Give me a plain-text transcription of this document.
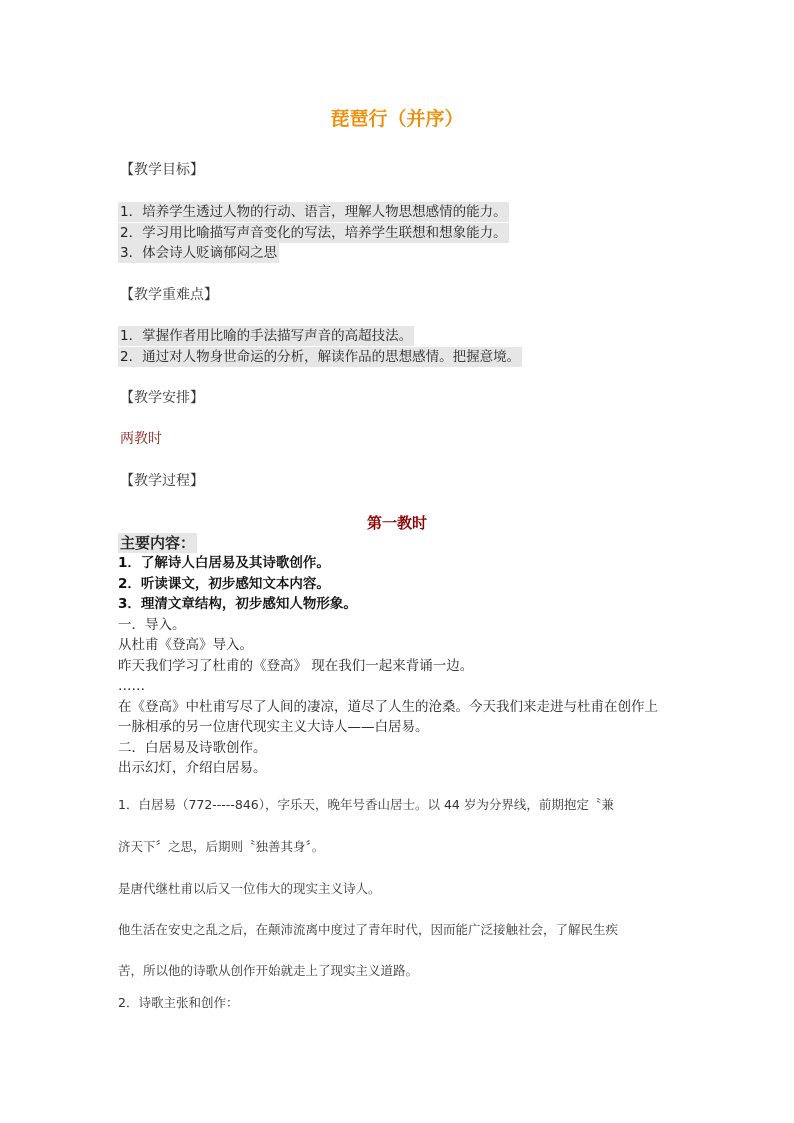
琵琶行（并序）
【教学目标】
1．培养学生透过人物的行动、语言，理解人物思想感情的能力。
2．学习用比喻描写声音变化的写法，培养学生联想和想象能力。
3．体会诗人贬谪郁闷之思
【教学重难点】
1．掌握作者用比喻的手法描写声音的高超技法。
2．通过对人物身世命运的分析，解读作品的思想感情。把握意境。
【教学安排】
两教时
【教学过程】
第一教时
主要内容：
1．了解诗人白居易及其诗歌创作。
2．听读课文，初步感知文本内容。
3．理清文章结构，初步感知人物形象。
一．导入。
从杜甫《登高》导入。
昨天我们学习了杜甫的《登高》 现在我们一起来背诵一边。
……
在《登高》中杜甫写尽了人间的凄凉，道尽了人生的沧桑。今天我们来走进与杜甫在创作上
一脉相承的另一位唐代现实主义大诗人——白居易。
二．白居易及诗歌创作。
出示幻灯，介绍白居易。
1．白居易（772-----846），字乐天，晚年号香山居士。以 44 岁为分界线，前期抱定〝兼
济天下〞之思，后期则〝独善其身〞。
是唐代继杜甫以后又一位伟大的现实主义诗人。
他生活在安史之乱之后，在颠沛流离中度过了青年时代，因而能广泛接触社会，了解民生疾
苦，所以他的诗歌从创作开始就走上了现实主义道路。
2．诗歌主张和创作：
